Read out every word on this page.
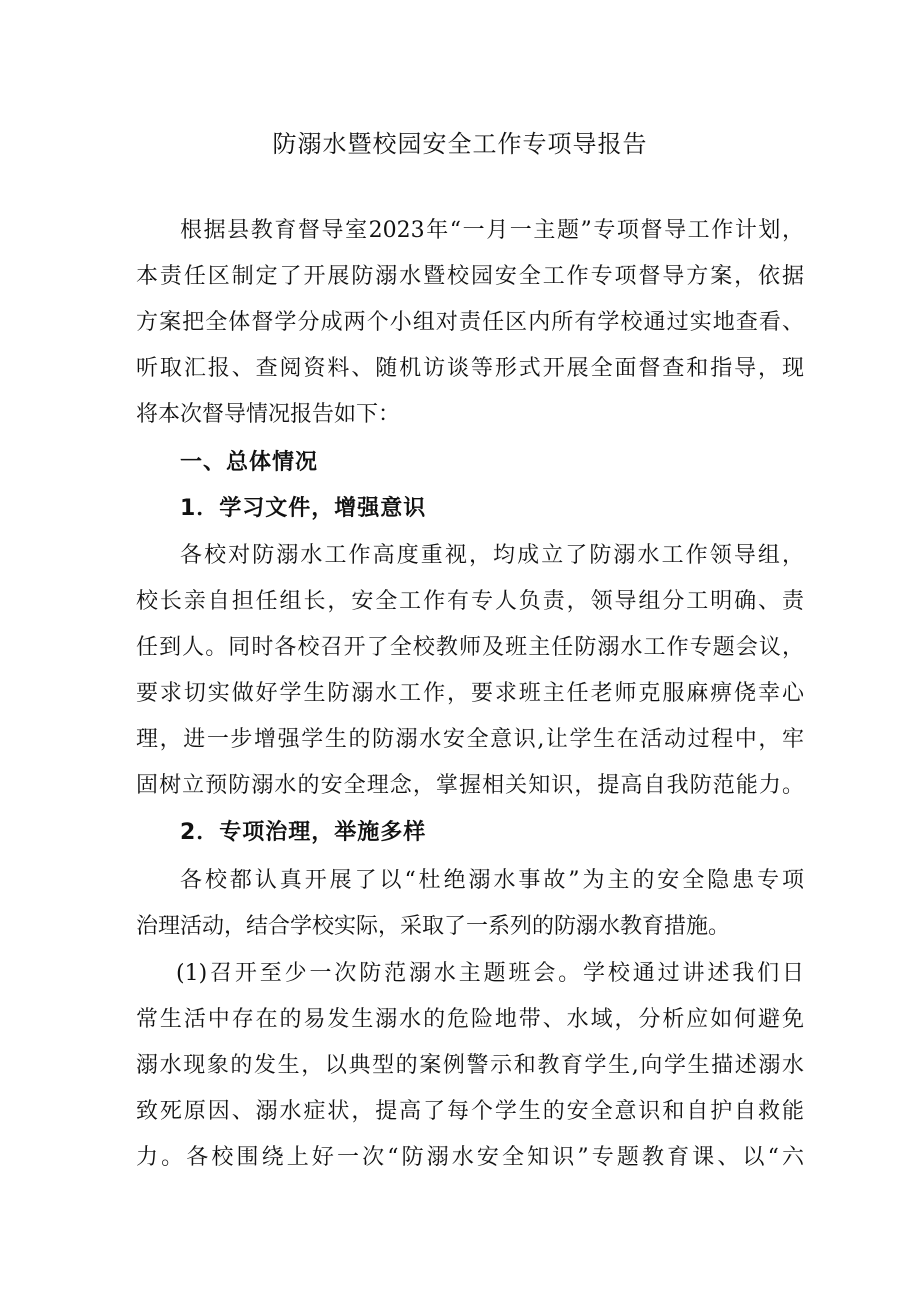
防溺水暨校园安全工作专项导报告
根据县教育督导室2023年“一月一主题”专项督导工作计划，
本责任区制定了开展防溺水暨校园安全工作专项督导方案，依据
方案把全体督学分成两个小组对责任区内所有学校通过实地查看、
听取汇报、查阅资料、随机访谈等形式开展全面督查和指导，现
将本次督导情况报告如下：
一、总体情况
1．学习文件，增强意识
各校对防溺水工作高度重视，均成立了防溺水工作领导组，
校长亲自担任组长，安全工作有专人负责，领导组分工明确、责
任到人。同时各校召开了全校教师及班主任防溺水工作专题会议，
要求切实做好学生防溺水工作，要求班主任老师克服麻痹侥幸心
理，进一步增强学生的防溺水安全意识,让学生在活动过程中，牢
固树立预防溺水的安全理念，掌握相关知识，提高自我防范能力。
2．专项治理，举施多样
各校都认真开展了以“杜绝溺水事故”为主的安全隐患专项
治理活动，结合学校实际，采取了一系列的防溺水教育措施。
(1)召开至少一次防范溺水主题班会。学校通过讲述我们日
常生活中存在的易发生溺水的危险地带、水域，分析应如何避免
溺水现象的发生，以典型的案例警示和教育学生,向学生描述溺水
致死原因、溺水症状，提高了每个学生的安全意识和自护自救能
力。各校围绕上好一次“防溺水安全知识”专题教育课、以“六
